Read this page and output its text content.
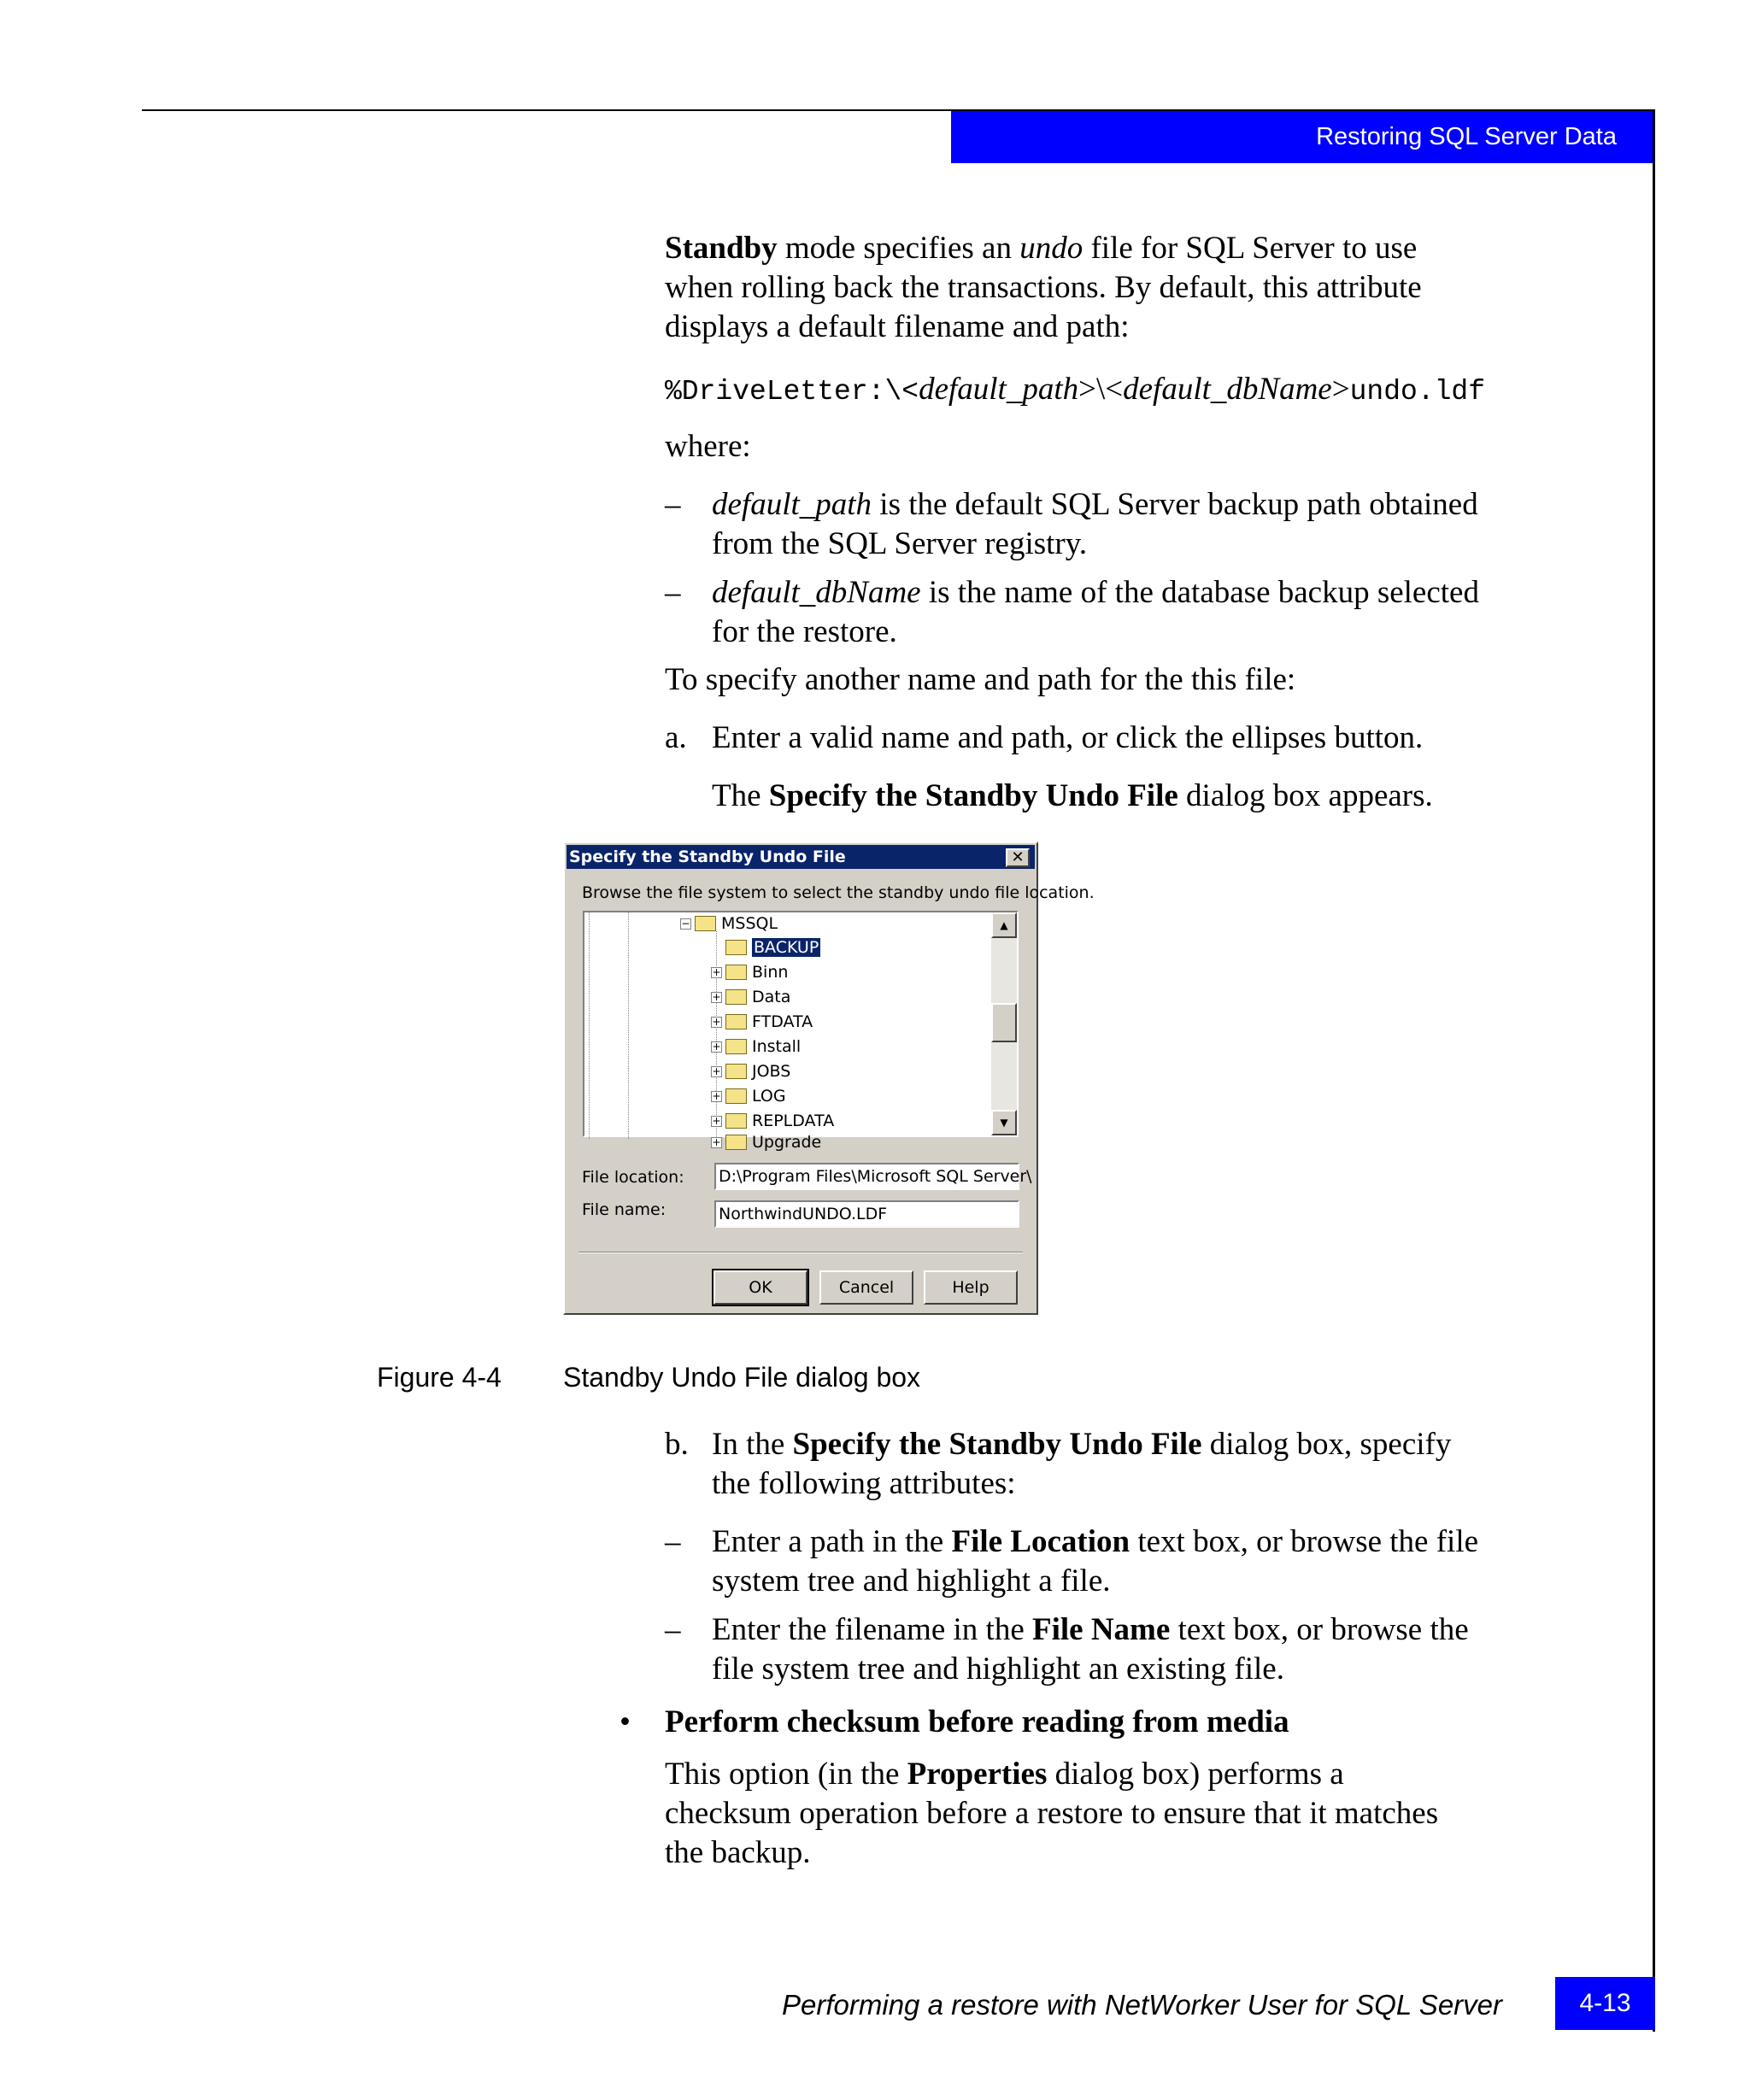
Restoring SQL Server Data
Standby mode specifies an undo file for SQL Server to use
when rolling back the transactions. By default, this attribute
displays a default filename and path:
%DriveLetter:\<default_path>\<default_dbName>undo.ldf
where:
– default_path is the default SQL Server backup path obtained
from the SQL Server registry.
– default_dbName is the name of the database backup selected
for the restore.
To specify another name and path for the this file:
a. Enter a valid name and path, or click the ellipses button.
The Specify the Standby Undo File dialog box appears.
Specify the Standby Undo File	✕
Browse the file system to select the standby undo file location.
− MSSQL
BACKUP
+ Binn
+ Data
+ FTDATA
+ Install
+ JOBS
+ LOG
+ REPLDATA
+ Upgrade
▲
▼
File location: D:\Program Files\Microsoft SQL Server\
File name:	NorthwindUNDO.LDF
OK	Cancel	Help
Figure 4-4 Standby Undo File dialog box
b. In the Specify the Standby Undo File dialog box, specify
the following attributes:
– Enter a path in the File Location text box, or browse the file
system tree and highlight a file.
– Enter the filename in the File Name text box, or browse the
file system tree and highlight an existing file.
• Perform checksum before reading from media
This option (in the Properties dialog box) performs a
checksum operation before a restore to ensure that it matches
the backup.
Performing a restore with NetWorker User for SQL Server	4-13
